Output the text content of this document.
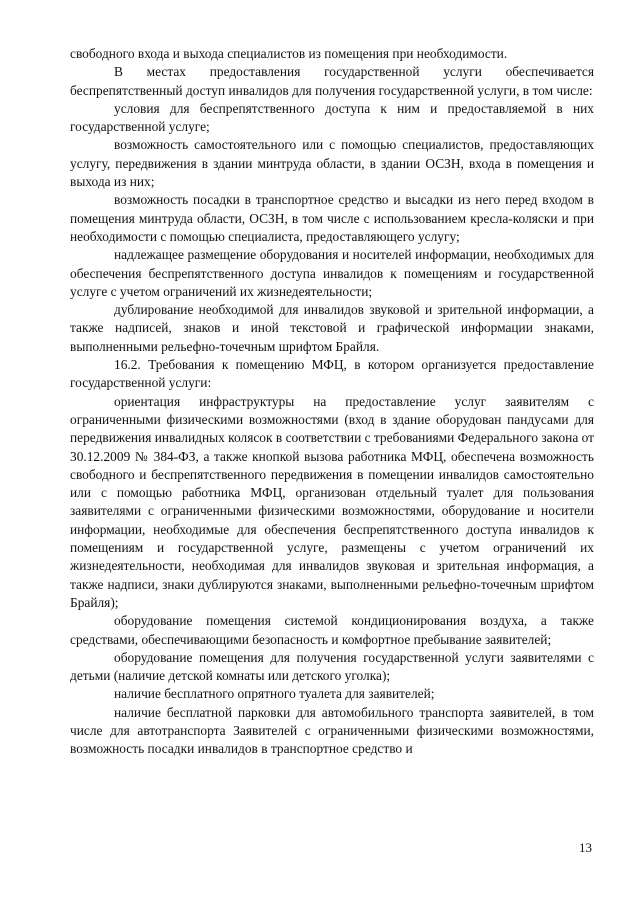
свободного входа и выхода специалистов из помещения при необходимости.

В местах предоставления государственной услуги обеспечивается беспрепятственный доступ инвалидов для получения государственной услуги, в том числе:

условия для беспрепятственного доступа к ним и предоставляемой в них государственной услуге;

возможность самостоятельного или с помощью специалистов, предоставляющих услугу, передвижения в здании минтруда области, в здании ОСЗН, входа в помещения и выхода из них;

возможность посадки в транспортное средство и высадки из него перед входом в помещения минтруда области, ОСЗН, в том числе с использованием кресла-коляски и при необходимости с помощью специалиста, предоставляющего услугу;

надлежащее размещение оборудования и носителей информации, необходимых для обеспечения беспрепятственного доступа инвалидов к помещениям и государственной услуге с учетом ограничений их жизнедеятельности;

дублирование необходимой для инвалидов звуковой и зрительной информации, а также надписей, знаков и иной текстовой и графической информации знаками, выполненными рельефно-точечным шрифтом Брайля.

16.2. Требования к помещению МФЦ, в котором организуется предоставление государственной услуги:

ориентация инфраструктуры на предоставление услуг заявителям с ограниченными физическими возможностями (вход в здание оборудован пандусами для передвижения инвалидных колясок в соответствии с требованиями Федерального закона от 30.12.2009 № 384-ФЗ, а также кнопкой вызова работника МФЦ, обеспечена возможность свободного и беспрепятственного передвижения в помещении инвалидов самостоятельно или с помощью работника МФЦ, организован отдельный туалет для пользования заявителями с ограниченными физическими возможностями, оборудование и носители информации, необходимые для обеспечения беспрепятственного доступа инвалидов к помещениям и государственной услуге, размещены с учетом ограничений их жизнедеятельности, необходимая для инвалидов звуковая и зрительная информация, а также надписи, знаки дублируются знаками, выполненными рельефно-точечным шрифтом Брайля);

оборудование помещения системой кондиционирования воздуха, а также средствами, обеспечивающими безопасность и комфортное пребывание заявителей;

оборудование помещения для получения государственной услуги заявителями с детьми (наличие детской комнаты или детского уголка);

наличие бесплатного опрятного туалета для заявителей;

наличие бесплатной парковки для автомобильного транспорта заявителей, в том числе для автотранспорта Заявителей с ограниченными физическими возможностями, возможность посадки инвалидов в транспортное средство и

13
